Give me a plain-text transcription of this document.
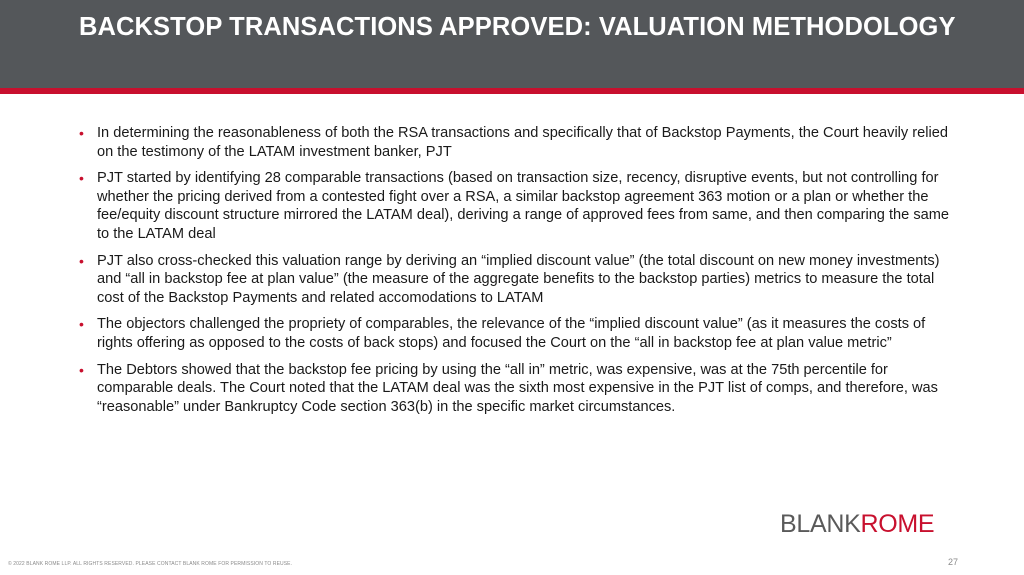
BACKSTOP TRANSACTIONS APPROVED: VALUATION METHODOLOGY
• In determining the reasonableness of both the RSA transactions and specifically that of Backstop Payments, the Court heavily relied on the testimony of the LATAM investment banker, PJT
• PJT started by identifying 28 comparable transactions (based on transaction size, recency, disruptive events, but not controlling for whether the pricing derived from a contested fight over a RSA, a similar backstop agreement 363 motion or a plan or whether the fee/equity discount structure mirrored the LATAM deal), deriving a range of approved fees from same, and then comparing the same to the LATAM deal
• PJT also cross-checked this valuation range by deriving an “implied discount value” (the total discount on new money investments) and “all in backstop fee at plan value” (the measure of the aggregate benefits to the backstop parties) metrics to measure the total cost of the Backstop Payments and related accomodations to LATAM
• The objectors challenged the propriety of comparables, the relevance of the “implied discount value” (as it measures the costs of rights offering as opposed to the costs of back stops) and focused the Court on the “all in backstop fee at plan value metric”
• The Debtors showed that the backstop fee pricing by using the “all in” metric, was expensive, was at the 75th percentile for comparable deals. The Court noted that the LATAM deal was the sixth most expensive in the PJT list of comps, and therefore, was “reasonable” under Bankruptcy Code section 363(b) in the specific market circumstances.
BLANKROME
© 2022 BLANK ROME LLP. ALL RIGHTS RESERVED. PLEASE CONTACT BLANK ROME FOR PERMISSION TO REUSE.	27
